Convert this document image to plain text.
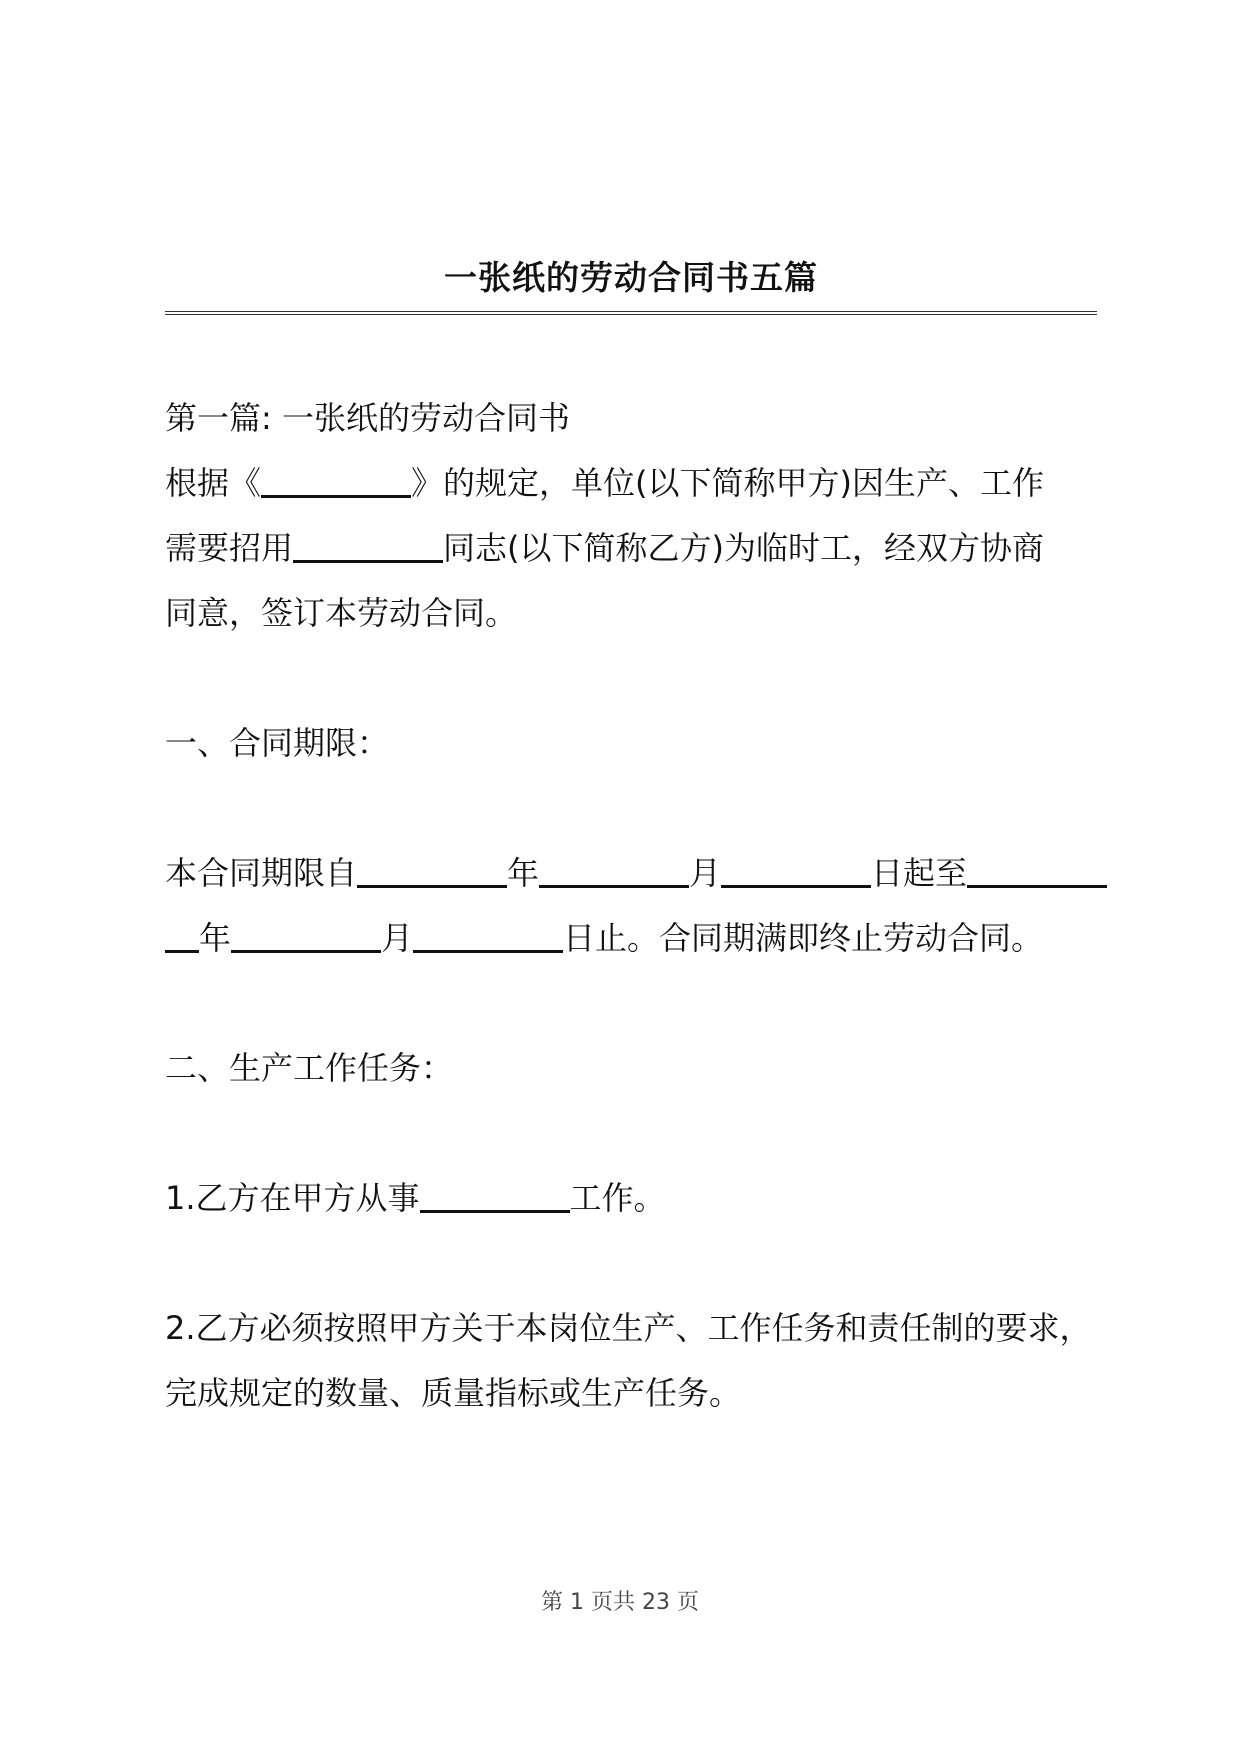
一张纸的劳动合同书五篇
第一篇: 一张纸的劳动合同书
根据《	》的规定，单位(以下简称甲方)因生产、工作
需要招用	同志(以下简称乙方)为临时工，经双方协商
同意，签订本劳动合同。
一、合同期限：
本合同期限自	年	月	日起至
年	月	日止。合同期满即终止劳动合同。
二、生产工作任务：
1.乙方在甲方从事	工作。
2.乙方必须按照甲方关于本岗位生产、工作任务和责任制的要求，
完成规定的数量、质量指标或生产任务。
第 1 页共 23 页
